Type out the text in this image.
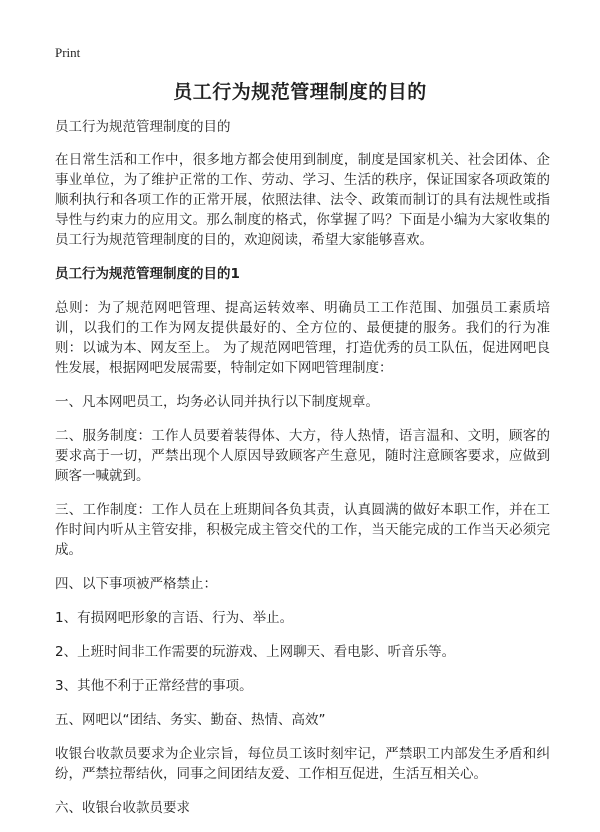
Print
员工行为规范管理制度的目的

员工行为规范管理制度的目的

在日常生活和工作中，很多地方都会使用到制度，制度是国家机关、社会团体、企事业单位，为了维护正常的工作、劳动、学习、生活的秩序，保证国家各项政策的顺利执行和各项工作的正常开展，依照法律、法令、政策而制订的具有法规性或指导性与约束力的应用文。那么制度的格式，你掌握了吗？下面是小编为大家收集的员工行为规范管理制度的目的，欢迎阅读，希望大家能够喜欢。

员工行为规范管理制度的目的1

总则：为了规范网吧管理、提高运转效率、明确员工工作范围、加强员工素质培训，以我们的工作为网友提供最好的、全方位的、最便捷的服务。我们的行为准则：以诚为本、网友至上。 为了规范网吧管理，打造优秀的员工队伍，促进网吧良性发展，根据网吧发展需要，特制定如下网吧管理制度：

一、凡本网吧员工，均务必认同并执行以下制度规章。

二、服务制度：工作人员要着装得体、大方，待人热情，语言温和、文明，顾客的要求高于一切，严禁出现个人原因导致顾客产生意见，随时注意顾客要求，应做到顾客一喊就到。

三、工作制度：工作人员在上班期间各负其责，认真圆满的做好本职工作，并在工作时间内听从主管安排，积极完成主管交代的工作，当天能完成的工作当天必须完成。

四、以下事项被严格禁止：

1、有损网吧形象的言语、行为、举止。

2、上班时间非工作需要的玩游戏、上网聊天、看电影、听音乐等。

3、其他不利于正常经营的事项。

五、网吧以“团结、务实、勤奋、热情、高效”

收银台收款员要求为企业宗旨，每位员工该时刻牢记，严禁职工内部发生矛盾和纠纷，严禁拉帮结伙，同事之间团结友爱、工作相互促进，生活互相关心。

六、收银台收款员要求
